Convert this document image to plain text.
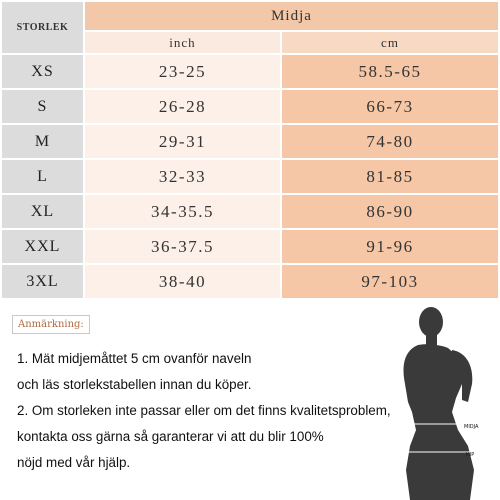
STORLEK	Midja	
	inch	cm
XS	23-25	58.5-65
S	26-28	66-73
M	29-31	74-80
L	32-33	81-85
XL	34-35.5	86-90
XXL	36-37.5	91-96
3XL	38-40	97-103
Anmärkning:
1. Mät midjemåttet 5 cm ovanför naveln
och läs storlekstabellen innan du köper.
2. Om storleken inte passar eller om det finns kvalitetsproblem,
kontakta oss gärna så garanterar vi att du blir 100%
nöjd med vår hjälp.
MIDJA
HIP
